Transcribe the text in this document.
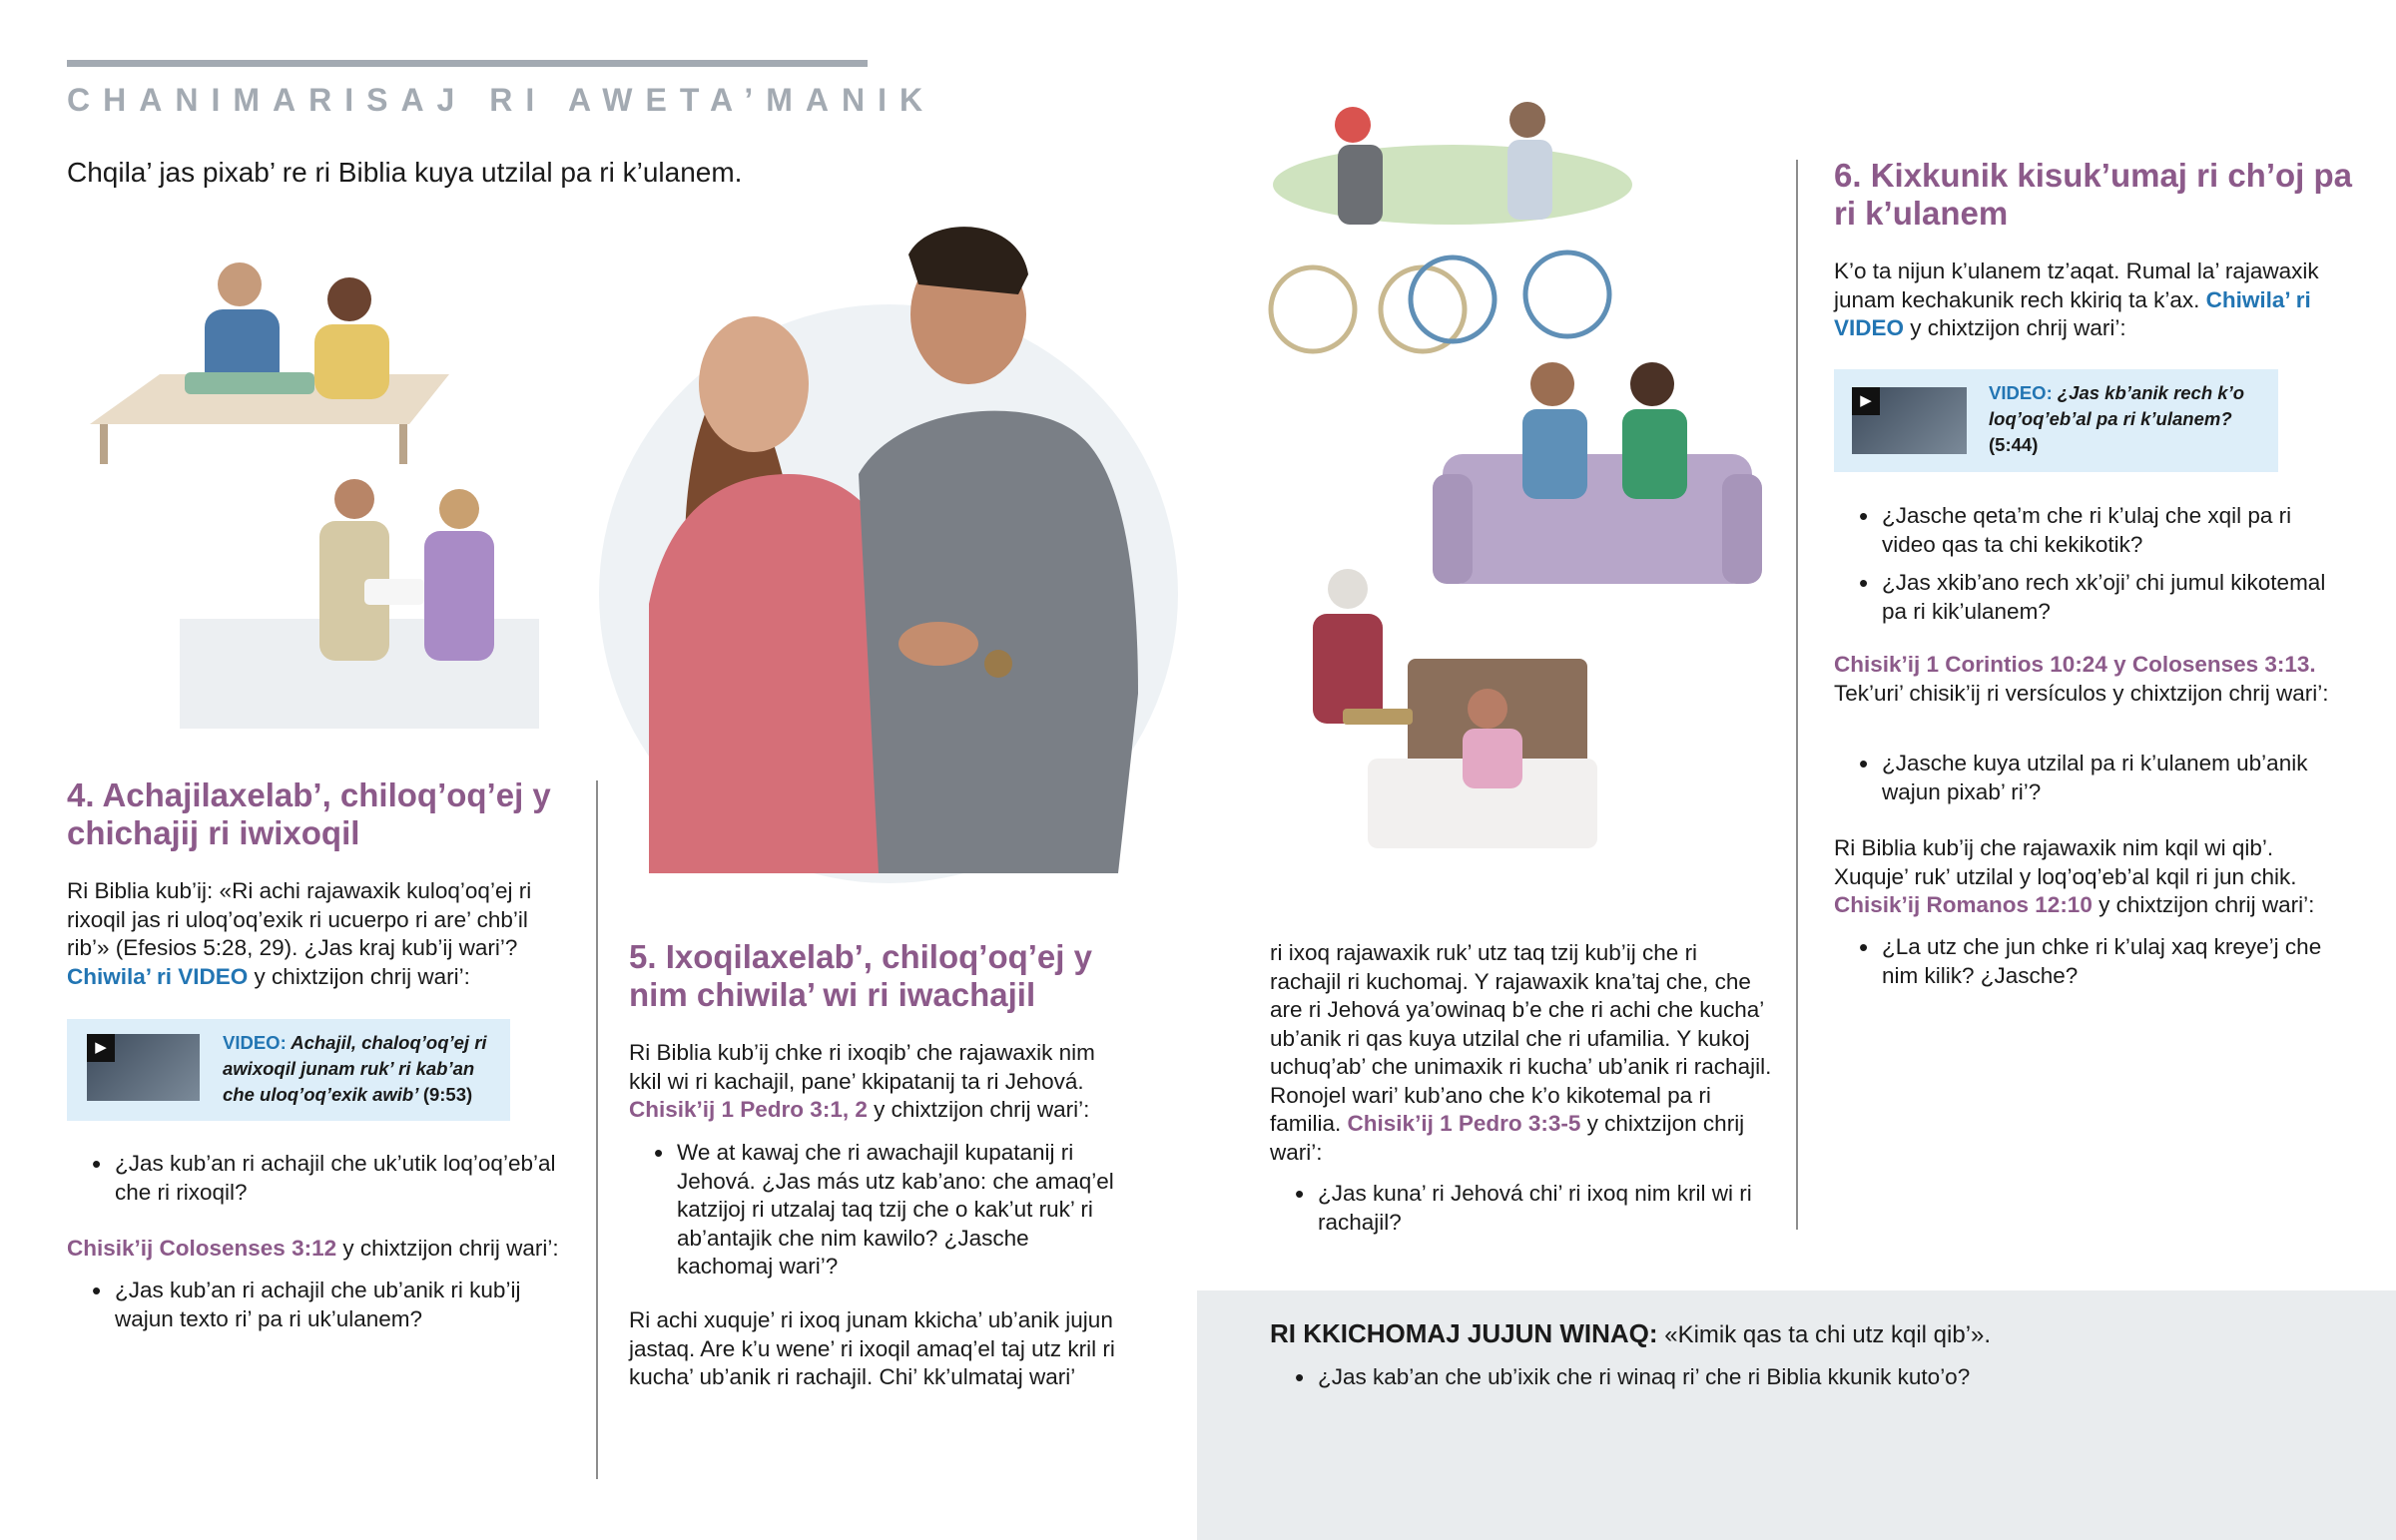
CHANIMARISAJ RI AWETA’MANIK
Chqila’ jas pixab’ re ri Biblia kuya utzilal pa ri k’ulanem.
4. Achajilaxelab’, chiloq’oq’ej y chichajij ri iwixoqil
Ri Biblia kub’ij: «Ri achi rajawaxik kuloq’oq’ej ri rixoqil jas ri uloq’oq’exik ri ucuerpo ri are’ chb’il rib’» (Efesios 5:28, 29). ¿Jas kraj kub’ij wari’? Chiwila’ ri VIDEO y chixtzijon chrij wari’:
▶	VIDEO: Achajil, chaloq’oq’ej ri awixoqil junam ruk’ ri kab’an che uloq’oq’exik awib’ (9:53)
• ¿Jas kub’an ri achajil che uk’utik loq’oq’eb’al che ri rixoqil?
Chisik’ij Colosenses 3:12 y chixtzijon chrij wari’:
• ¿Jas kub’an ri achajil che ub’anik ri kub’ij wajun texto ri’ pa ri uk’ulanem?
5. Ixoqilaxelab’, chiloq’oq’ej y nim chiwila’ wi ri iwachajil
Ri Biblia kub’ij chke ri ixoqib’ che rajawaxik nim kkil wi ri kachajil, pane’ kkipatanij ta ri Jehová. Chisik’ij 1 Pedro 3:1, 2 y chixtzijon chrij wari’:
• We at kawaj che ri awachajil kupatanij ri Jehová. ¿Jas más utz kab’ano: che amaq’el katzijoj ri utzalaj taq tzij che o kak’ut ruk’ ri ab’antajik che nim kawilo? ¿Jasche kachomaj wari’?
Ri achi xuquje’ ri ixoq junam kkicha’ ub’anik jujun jastaq. Are k’u wene’ ri ixoqil amaq’el taj utz kril ri kucha’ ub’anik ri rachajil. Chi’ kk’ulmataj wari’
ri ixoq rajawaxik ruk’ utz taq tzij kub’ij che ri rachajil ri kuchomaj. Y rajawaxik kna’taj che, che are ri Jehová ya’owinaq b’e che ri achi che kucha’ ub’anik ri qas kuya utzilal che ri ufamilia. Y kukoj uchuq’ab’ che unimaxik ri kucha’ ub’anik ri rachajil. Ronojel wari’ kub’ano che k’o kikotemal pa ri familia. Chisik’ij 1 Pedro 3:3-5 y chixtzijon chrij wari’:
• ¿Jas kuna’ ri Jehová chi’ ri ixoq nim kril wi ri rachajil?
6. Kixkunik kisuk’umaj ri ch’oj pa ri k’ulanem
K’o ta nijun k’ulanem tz’aqat. Rumal la’ rajawaxik junam kechakunik rech kkiriq ta k’ax. Chiwila’ ri VIDEO y chixtzijon chrij wari’:
▶	VIDEO: ¿Jas kb’anik rech k’o loq’oq’eb’al pa ri k’ulanem? (5:44)
• ¿Jasche qeta’m che ri k’ulaj che xqil pa ri video qas ta chi kekikotik?
• ¿Jas xkib’ano rech xk’oji’ chi jumul kikotemal pa ri kik’ulanem?
Chisik’ij 1 Corintios 10:24 y Colosenses 3:13. Tek’uri’ chisik’ij ri versículos y chixtzijon chrij wari’:
• ¿Jasche kuya utzilal pa ri k’ulanem ub’anik wajun pixab’ ri’?
Ri Biblia kub’ij che rajawaxik nim kqil wi qib’. Xuquje’ ruk’ utzilal y loq’oq’eb’al kqil ri jun chik. Chisik’ij Romanos 12:10 y chixtzijon chrij wari’:
• ¿La utz che jun chke ri k’ulaj xaq kreye’j che nim kilik? ¿Jasche?
RI KKICHOMAJ JUJUN WINAQ: «Kimik qas ta chi utz kqil qib’».
• ¿Jas kab’an che ub’ixik che ri winaq ri’ che ri Biblia kkunik kuto’o?
